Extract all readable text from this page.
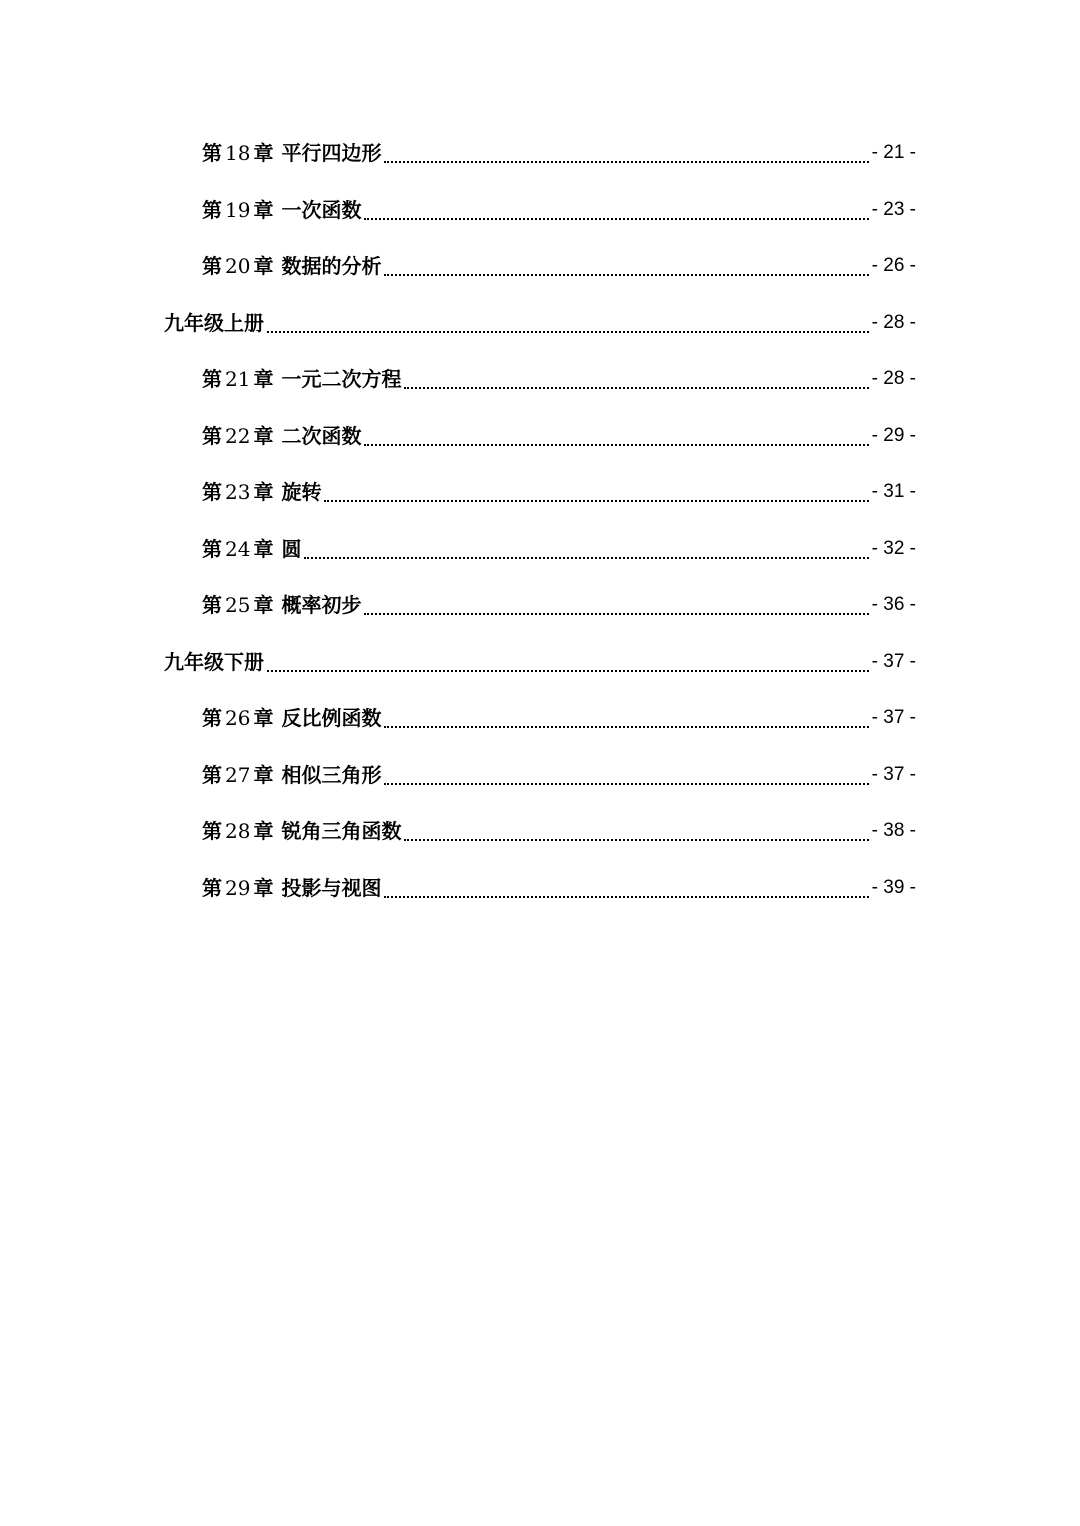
第 18 章 平行四边形	- 21 -
第 19 章 一次函数	- 23 -
第 20 章 数据的分析	- 26 -
九年级上册	- 28 -
第 21 章 一元二次方程	- 28 -
第 22 章 二次函数	- 29 -
第 23 章 旋转	- 31 -
第 24 章 圆	- 32 -
第 25 章 概率初步	- 36 -
九年级下册	- 37 -
第 26 章 反比例函数	- 37 -
第 27 章 相似三角形	- 37 -
第 28 章 锐角三角函数	- 38 -
第 29 章 投影与视图	- 39 -
